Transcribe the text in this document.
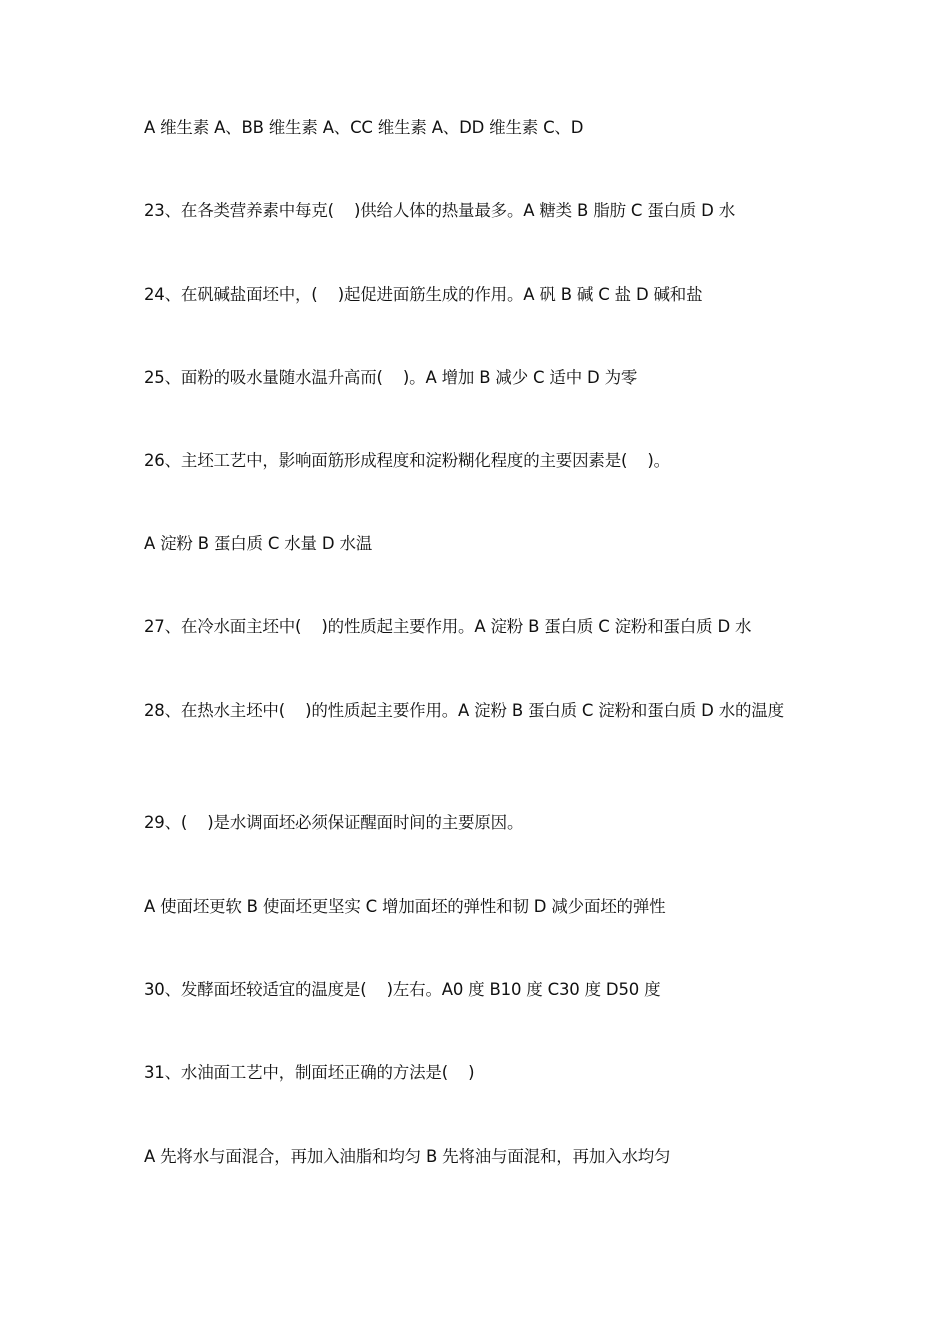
A 维生素 A、BB 维生素 A、CC 维生素 A、DD 维生素 C、D
23、在各类营养素中每克(    )供给人体的热量最多。A 糖类 B 脂肪 C 蛋白质 D 水
24、在矾碱盐面坯中，(    )起促进面筋生成的作用。A 矾 B 碱 C 盐 D 碱和盐
25、面粉的吸水量随水温升高而(    )。A 增加 B 减少 C 适中 D 为零
26、主坯工艺中，影响面筋形成程度和淀粉糊化程度的主要因素是(    )。
A 淀粉 B 蛋白质 C 水量 D 水温
27、在冷水面主坯中(    )的性质起主要作用。A 淀粉 B 蛋白质 C 淀粉和蛋白质 D 水
28、在热水主坯中(    )的性质起主要作用。A 淀粉 B 蛋白质 C 淀粉和蛋白质 D 水的温度
29、(    )是水调面坯必须保证醒面时间的主要原因。
A 使面坯更软 B 使面坯更坚实 C 增加面坯的弹性和韧 D 减少面坯的弹性
30、发酵面坯较适宜的温度是(    )左右。A0 度 B10 度 C30 度 D50 度
31、水油面工艺中，制面坯正确的方法是(    )
A 先将水与面混合，再加入油脂和均匀 B 先将油与面混和，再加入水均匀
